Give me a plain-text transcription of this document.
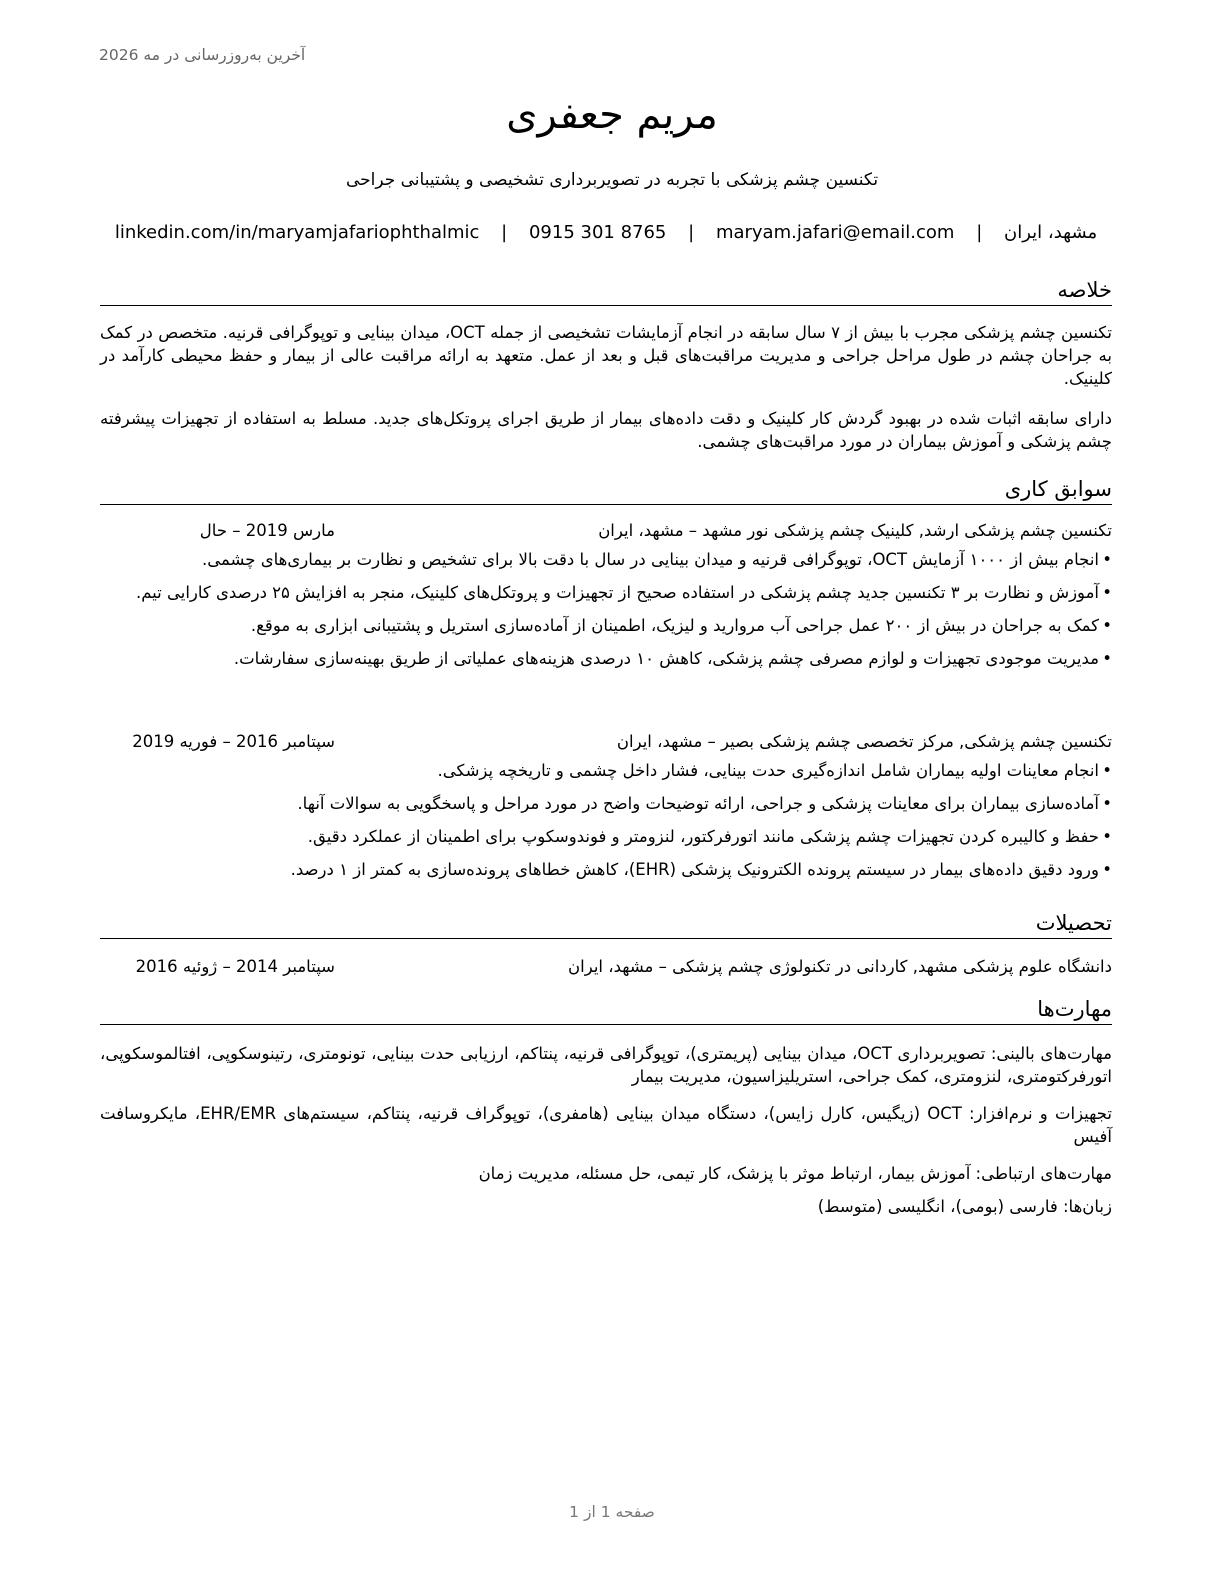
آخرین به‌روزرسانی در مه 2026
مریم جعفری
تکنسین چشم پزشکی با تجربه در تصویربرداری تشخیصی و پشتیبانی جراحی
مشهد، ایران | maryam.jafari@email.com | 0915 301 8765 | linkedin.com/in/maryamjafariophthalmic
خلاصه
تکنسین چشم پزشکی مجرب با بیش از ۷ سال سابقه در انجام آزمایشات تشخیصی از جمله OCT، میدان بینایی و توپوگرافی قرنیه. متخصص در کمک به جراحان چشم در طول مراحل جراحی و مدیریت مراقبت‌های قبل و بعد از عمل. متعهد به ارائه مراقبت عالی از بیمار و حفظ محیطی کارآمد در کلینیک.
دارای سابقه اثبات شده در بهبود گردش کار کلینیک و دقت داده‌های بیمار از طریق اجرای پروتکل‌های جدید. مسلط به استفاده از تجهیزات پیشرفته چشم پزشکی و آموزش بیماران در مورد مراقبت‌های چشمی.
سوابق کاری
تکنسین چشم پزشکی ارشد, کلینیک چشم پزشکی نور مشهد – مشهد، ایران
مارس 2019 – حال
• انجام بیش از ۱۰۰۰ آزمایش OCT، توپوگرافی قرنیه و میدان بینایی در سال با دقت بالا برای تشخیص و نظارت بر بیماری‌های چشمی.
• آموزش و نظارت بر ۳ تکنسین جدید چشم پزشکی در استفاده صحیح از تجهیزات و پروتکل‌های کلینیک، منجر به افزایش ۲۵ درصدی کارایی تیم.
• کمک به جراحان در بیش از ۲۰۰ عمل جراحی آب مروارید و لیزیک، اطمینان از آماده‌سازی استریل و پشتیبانی ابزاری به موقع.
• مدیریت موجودی تجهیزات و لوازم مصرفی چشم پزشکی، کاهش ۱۰ درصدی هزینه‌های عملیاتی از طریق بهینه‌سازی سفارشات.
تکنسین چشم پزشکی, مرکز تخصصی چشم پزشکی بصیر – مشهد، ایران
سپتامبر 2016 – فوریه 2019
• انجام معاینات اولیه بیماران شامل اندازه‌گیری حدت بینایی، فشار داخل چشمی و تاریخچه پزشکی.
• آماده‌سازی بیماران برای معاینات پزشکی و جراحی، ارائه توضیحات واضح در مورد مراحل و پاسخگویی به سوالات آنها.
• حفظ و کالیبره کردن تجهیزات چشم پزشکی مانند اتورفرکتور، لنزومتر و فوندوسکوپ برای اطمینان از عملکرد دقیق.
• ورود دقیق داده‌های بیمار در سیستم پرونده الکترونیک پزشکی (EHR)، کاهش خطاهای پرونده‌سازی به کمتر از ۱ درصد.
تحصیلات
دانشگاه علوم پزشکی مشهد, کاردانی در تکنولوژی چشم پزشکی – مشهد، ایران
سپتامبر 2014 – ژوئیه 2016
مهارت‌ها
مهارت‌های بالینی: تصویربرداری OCT، میدان بینایی (پریمتری)، توپوگرافی قرنیه، پنتاکم، ارزیابی حدت بینایی، تونومتری، رتینوسکوپی، افتالموسکوپی، اتورفرکتومتری، لنزومتری، کمک جراحی، استریلیزاسیون، مدیریت بیمار
تجهیزات و نرم‌افزار: OCT (زیگیس، کارل زایس)، دستگاه میدان بینایی (هامفری)، توپوگراف قرنیه، پنتاکم، سیستم‌های EHR/EMR، مایکروسافت آفیس
مهارت‌های ارتباطی: آموزش بیمار، ارتباط موثر با پزشک، کار تیمی، حل مسئله، مدیریت زمان
زبان‌ها: فارسی (بومی)، انگلیسی (متوسط)
صفحه 1 از 1
